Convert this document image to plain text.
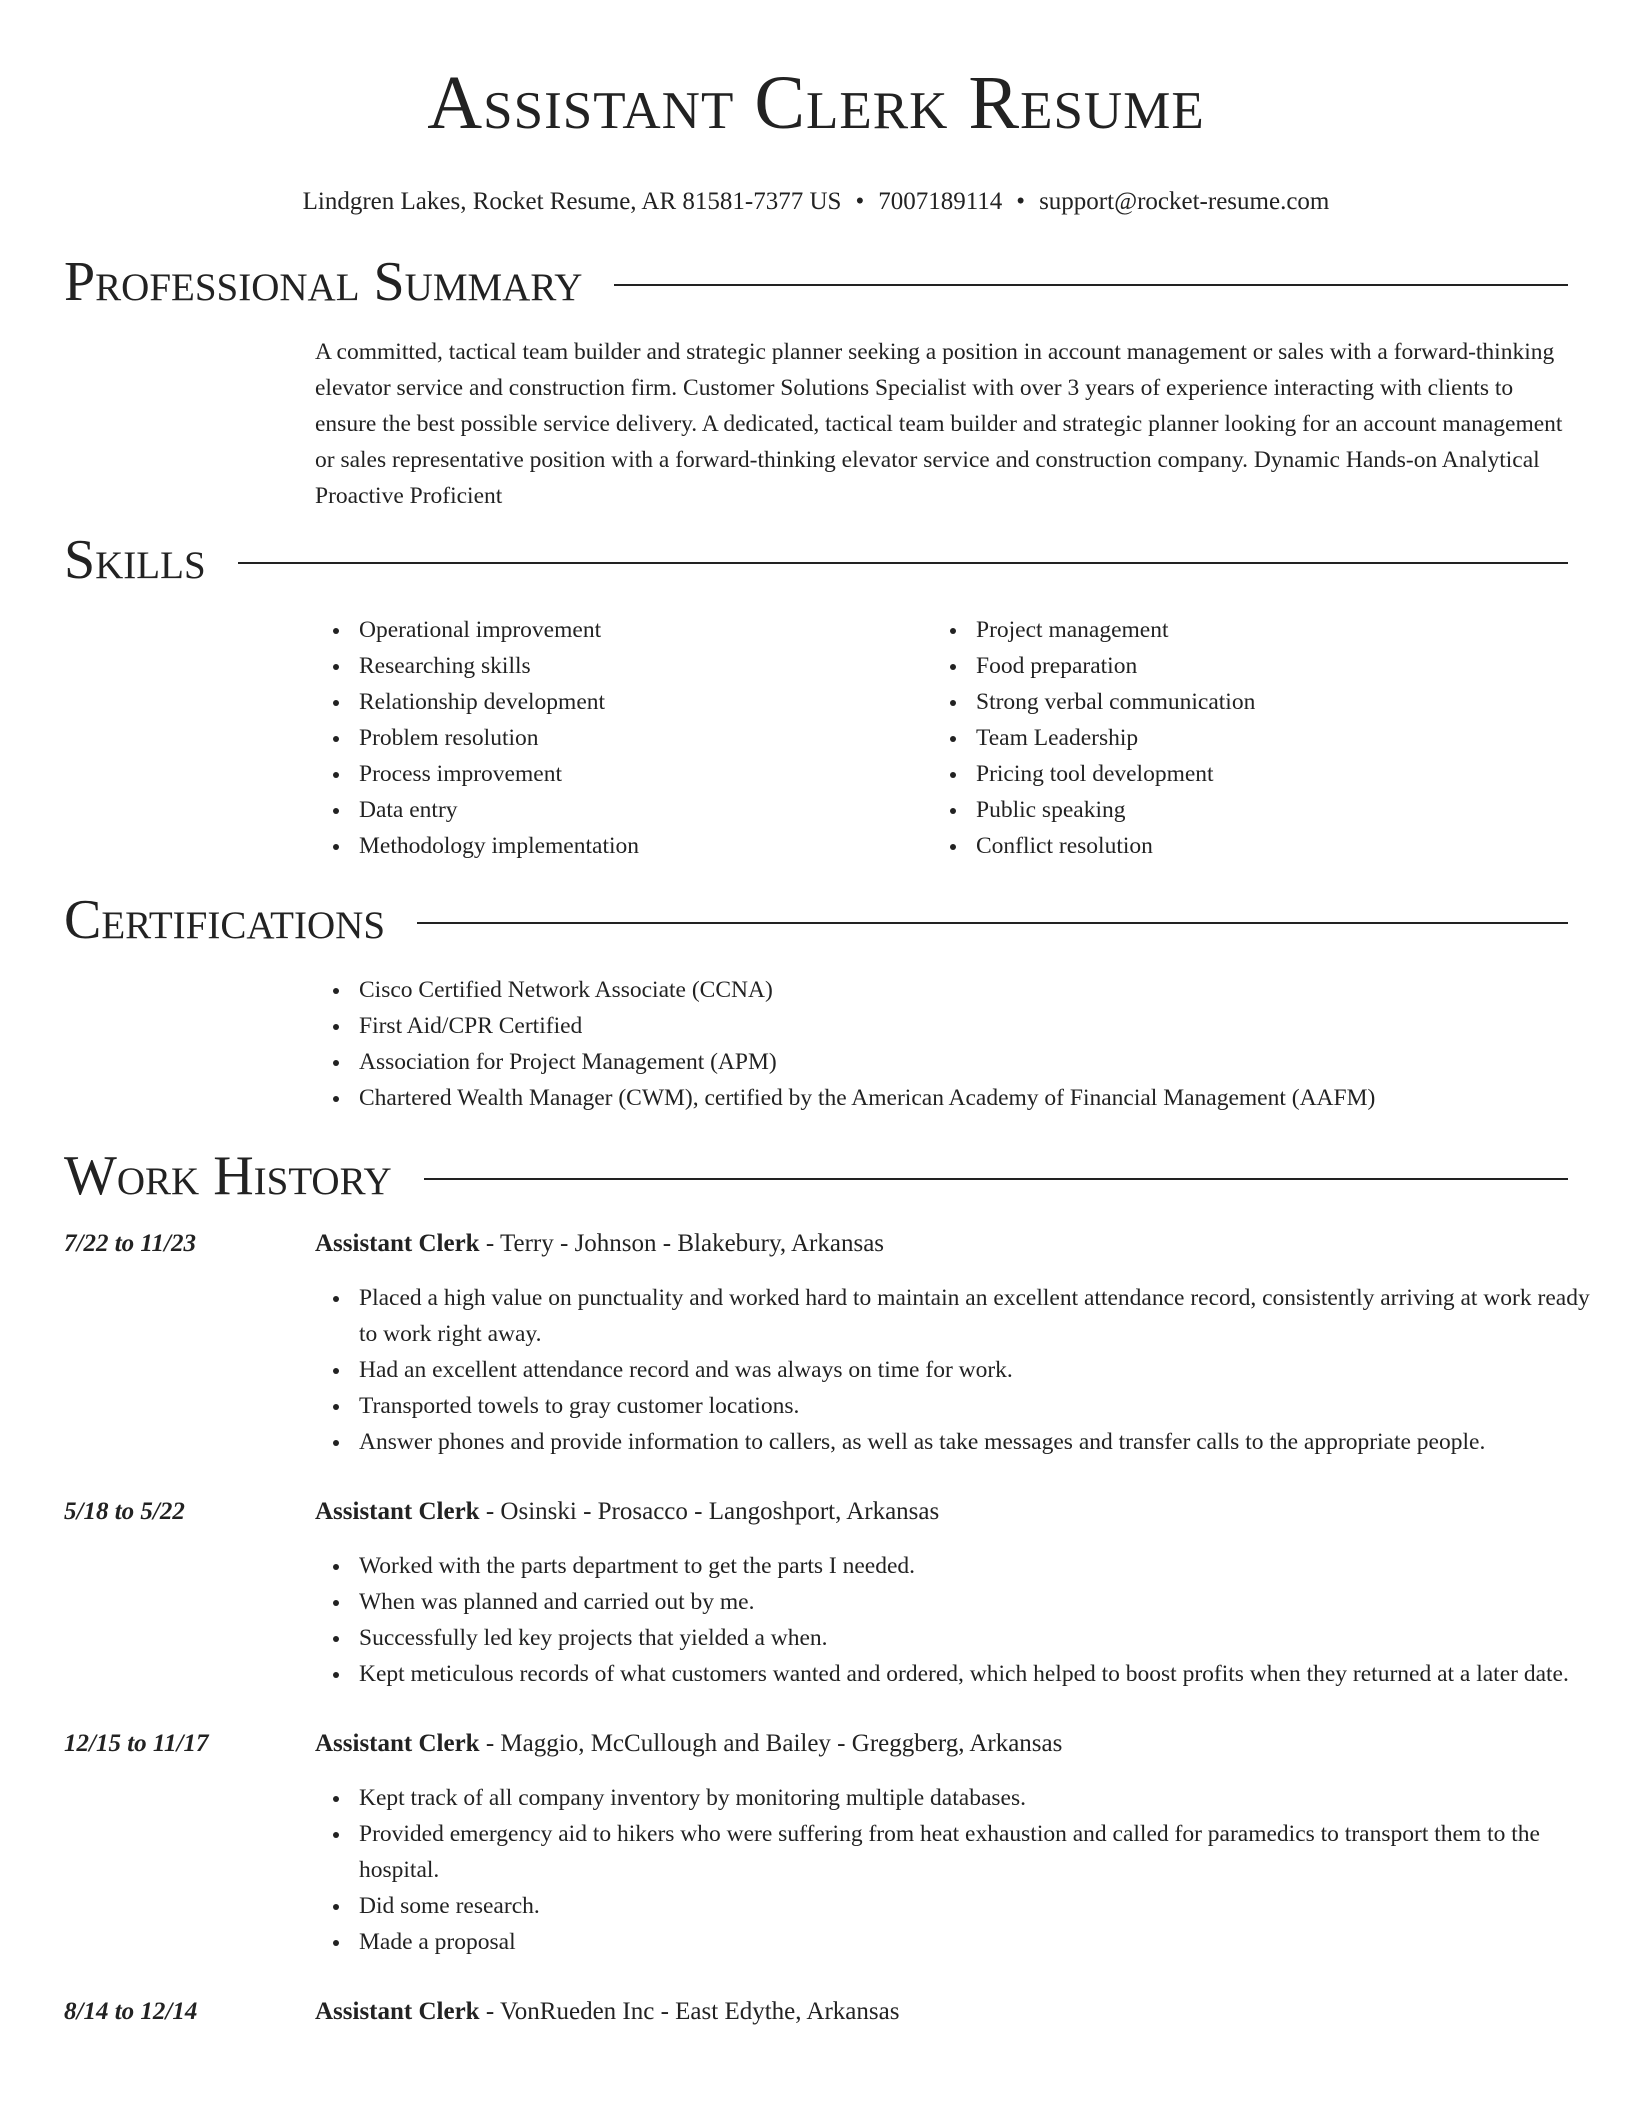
Assistant Clerk Resume
Lindgren Lakes, Rocket Resume, AR 81581-7377 US • 7007189114 • support@rocket-resume.com
Professional Summary
A committed, tactical team builder and strategic planner seeking a position in account management or sales with a forward-thinking elevator service and construction firm. Customer Solutions Specialist with over 3 years of experience interacting with clients to ensure the best possible service delivery. A dedicated, tactical team builder and strategic planner looking for an account management or sales representative position with a forward-thinking elevator service and construction company. Dynamic Hands-on Analytical Proactive Proficient
Skills
Operational improvement
Researching skills
Relationship development
Problem resolution
Process improvement
Data entry
Methodology implementation
Project management
Food preparation
Strong verbal communication
Team Leadership
Pricing tool development
Public speaking
Conflict resolution
Certifications
Cisco Certified Network Associate (CCNA)
First Aid/CPR Certified
Association for Project Management (APM)
Chartered Wealth Manager (CWM), certified by the American Academy of Financial Management (AAFM)
Work History
7/22 to 11/23	Assistant Clerk - Terry - Johnson - Blakebury, Arkansas
Placed a high value on punctuality and worked hard to maintain an excellent attendance record, consistently arriving at work ready to work right away.
Had an excellent attendance record and was always on time for work.
Transported towels to gray customer locations.
Answer phones and provide information to callers, as well as take messages and transfer calls to the appropriate people.
5/18 to 5/22	Assistant Clerk - Osinski - Prosacco - Langoshport, Arkansas
Worked with the parts department to get the parts I needed.
When was planned and carried out by me.
Successfully led key projects that yielded a when.
Kept meticulous records of what customers wanted and ordered, which helped to boost profits when they returned at a later date.
12/15 to 11/17	Assistant Clerk - Maggio, McCullough and Bailey - Greggberg, Arkansas
Kept track of all company inventory by monitoring multiple databases.
Provided emergency aid to hikers who were suffering from heat exhaustion and called for paramedics to transport them to the hospital.
Did some research.
Made a proposal
8/14 to 12/14	Assistant Clerk - VonRueden Inc - East Edythe, Arkansas
